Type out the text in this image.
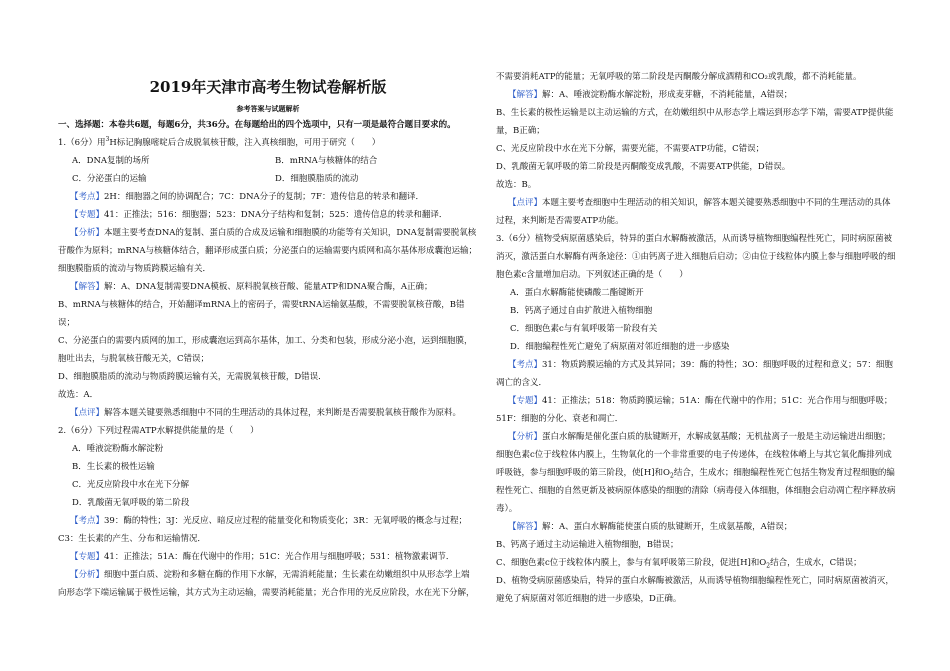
2019年天津市高考生物试卷解析版
参考答案与试题解析

一、选择题：本卷共6题，每题6分，共36分。在每题给出的四个选项中，只有一项是最符合题目要求的。

1.（6分）用$^3$H标记胸腺嘧啶后合成脱氧核苷酸，注入真核细胞，可用于研究（　　）

A．DNA复制的场所	B．mRNA与核糖体的结合
C．分泌蛋白的运输	D．细胞膜脂质的流动

【考点】2H：细胞器之间的协调配合；7C：DNA分子的复制；7F：遗传信息的转录和翻译．

【专题】41：正推法；516：细胞器；523：DNA分子结构和复制；525：遗传信息的转录和翻译．

【分析】本题主要考查DNA的复制、蛋白质的合成及运输和细胞膜的功能等有关知识，DNA复制需要脱氧核苷酸作为原料；mRNA与核糖体结合，翻译形成蛋白质；分泌蛋白的运输需要内质网和高尔基体形成囊泡运输；细胞膜脂质的流动与物质跨膜运输有关．

【解答】解：A、DNA复制需要DNA模板、原料脱氧核苷酸、能量ATP和DNA聚合酶，A正确；

B、mRNA与核糖体的结合，开始翻译mRNA上的密码子，需要tRNA运输氨基酸，不需要脱氧核苷酸，B错误；

C、分泌蛋白的需要内质网的加工，形成囊泡运到高尔基体，加工、分类和包装，形成分泌小泡，运到细胞膜，胞吐出去，与脱氧核苷酸无关，C错误；

D、细胞膜脂质的流动与物质跨膜运输有关，无需脱氧核苷酸，D错误．

故选：A．

【点评】解答本题关键要熟悉细胞中不同的生理活动的具体过程，来判断是否需要脱氧核苷酸作为原料。

2.（6分）下列过程需ATP水解提供能量的是（　　）

A．唾液淀粉酶水解淀粉

B．生长素的极性运输

C．光反应阶段中水在光下分解

D．乳酸菌无氧呼吸的第二阶段

【考点】39：酶的特性；3J：光反应、暗反应过程的能量变化和物质变化；3R：无氧呼吸的概念与过程；C3：生长素的产生、分布和运输情况．

【专题】41：正推法；51A：酶在代谢中的作用；51C：光合作用与细胞呼吸；531：植物激素调节．

【分析】细胞中蛋白质、淀粉和多糖在酶的作用下水解，无需消耗能量；生长素在幼嫩组织中从形态学上端向形态学下端运输属于极性运输，其方式为主动运输，需要消耗能量；光合作用的光反应阶段，水在光下分解，

不需要消耗ATP的能量；无氧呼吸的第二阶段是丙酮酸分解成酒精和CO₂或乳酸，都不消耗能量。

【解答】解：A、唾液淀粉酶水解淀粉，形成麦芽糖，不消耗能量，A错误；

B、生长素的极性运输是以主动运输的方式，在幼嫩组织中从形态学上端运到形态学下端，需要ATP提供能量，B正确；

C、光反应阶段中水在光下分解，需要光能，不需要ATP功能，C错误；

D、乳酸菌无氧呼吸的第二阶段是丙酮酸变成乳酸，不需要ATP供能，D错误。

故选：B。

【点评】本题主要考查细胞中生理活动的相关知识，解答本题关键要熟悉细胞中不同的生理活动的具体过程，来判断是否需要ATP功能。

3.（6分）植物受病原菌感染后，特异的蛋白水解酶被激活，从而诱导植物细胞编程性死亡，同时病原菌被消灭，激活蛋白水解酶有两条途径：①由钙离子进入细胞后启动；②由位于线粒体内膜上参与细胞呼吸的细胞色素c含量增加启动。下列叙述正确的是（　　）

A．蛋白水解酶能使磷酸二酯键断开

B．钙离子通过自由扩散进入植物细胞

C．细胞色素c与有氧呼吸第一阶段有关

D．细胞编程性死亡避免了病原菌对邻近细胞的进一步感染

【考点】31：物质跨膜运输的方式及其异同；39：酶的特性；3O：细胞呼吸的过程和意义；57：细胞凋亡的含义．

【专题】41：正推法；518：物质跨膜运输；51A：酶在代谢中的作用；51C：光合作用与细胞呼吸；51F：细胞的分化、衰老和凋亡．

【分析】蛋白水解酶是催化蛋白质的肽键断开，水解成氨基酸；无机盐离子一般是主动运输进出细胞；细胞色素c位于线粒体内膜上，生物氧化的一个非常重要的电子传递体，在线粒体嵴上与其它氧化酶排列成呼吸链，参与细胞呼吸的第三阶段，使[H]和$O_2$结合，生成水；细胞编程性死亡包括生物发育过程细胞的编程性死亡、细胞的自然更新及被病原体感染的细胞的清除（病毒侵入体细胞，体细胞会启动凋亡程序释放病毒）。

【解答】解：A、蛋白水解酶能使蛋白质的肽键断开，生成氨基酸，A错误；

B、钙离子通过主动运输进入植物细胞，B错误；

C、细胞色素c位于线粒体内膜上，参与有氧呼吸第三阶段，促进[H]和$O_2$结合，生成水，C错误；

D、植物受病原菌感染后，特异的蛋白水解酶被激活，从而诱导植物细胞编程性死亡，同时病原菌被消灭，避免了病原菌对邻近细胞的进一步感染，D正确。
